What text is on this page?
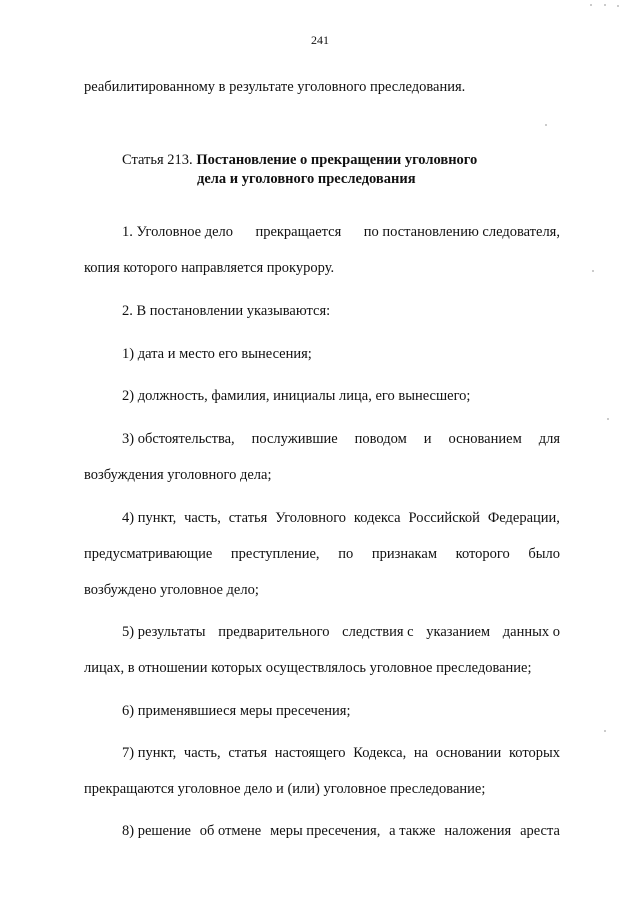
241
реабилитированному в результате уголовного преследования.
Статья 213. Постановление о прекращении уголовного
дела и уголовного преследования
1. Уголовное дело прекращается по постановлению следователя,
копия которого направляется прокурору.
2. В постановлении указываются:
1) дата и место его вынесения;
2) должность, фамилия, инициалы лица, его вынесшего;
3) обстоятельства, послужившие поводом и основанием для
возбуждения уголовного дела;
4) пункт, часть, статья Уголовного кодекса Российской Федерации,
предусматривающие преступление, по признакам которого было
возбуждено уголовное дело;
5) результаты предварительного следствия с указанием данных о
лицах, в отношении которых осуществлялось уголовное преследование;
6) применявшиеся меры пресечения;
7) пункт, часть, статья настоящего Кодекса, на основании которых
прекращаются уголовное дело и (или) уголовное преследование;
8) решение об отмене меры пресечения, а также наложения ареста
